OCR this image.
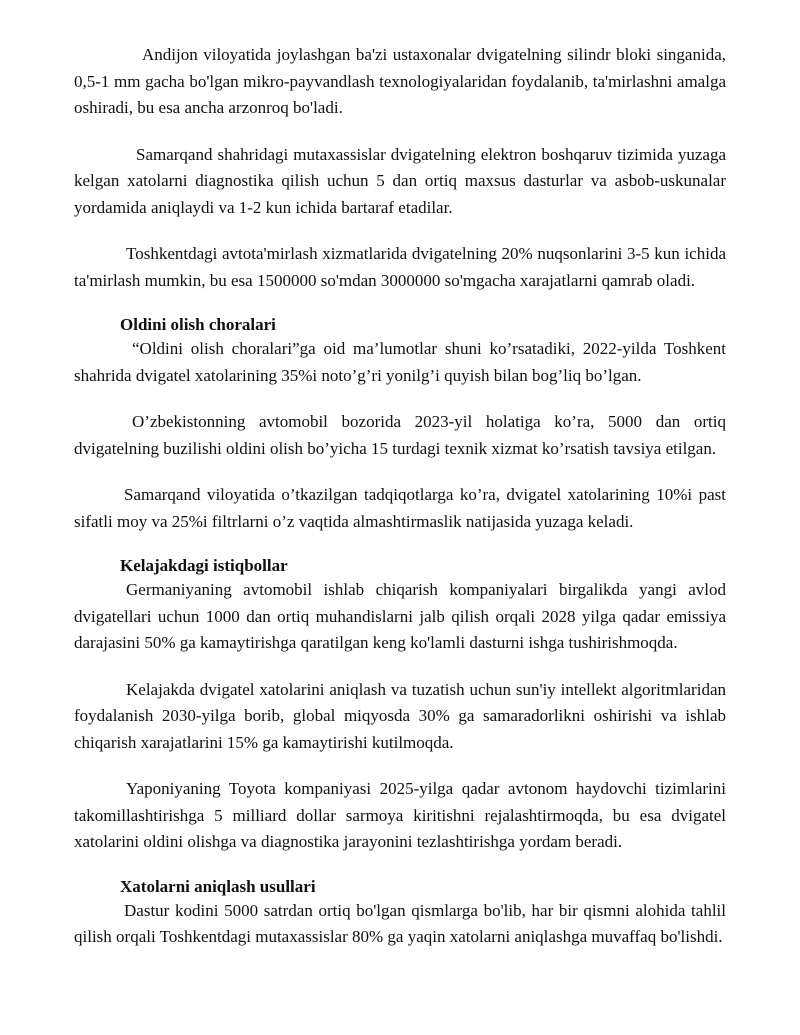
Andijon viloyatida joylashgan ba'zi ustaxonalar dvigatelning silindr bloki singanida, 0,5-1 mm gacha bo'lgan mikro-payvandlash texnologiyalaridan foydalanib, ta'mirlashni amalga oshiradi, bu esa ancha arzonroq bo'ladi.

Samarqand shahridagi mutaxassislar dvigatelning elektron boshqaruv tizimida yuzaga kelgan xatolarni diagnostika qilish uchun 5 dan ortiq maxsus dasturlar va asbob-uskunalar yordamida aniqlaydi va 1-2 kun ichida bartaraf etadilar.

Toshkentdagi avtota'mirlash xizmatlarida dvigatelning 20% nuqsonlarini 3-5 kun ichida ta'mirlash mumkin, bu esa 1500000 so'mdan 3000000 so'mgacha xarajatlarni qamrab oladi.

Oldini olish choralari

“Oldini olish choralari”ga oid ma’lumotlar shuni ko’rsatadiki, 2022-yilda Toshkent shahrida dvigatel xatolarining 35%i noto’g’ri yonilg’i quyish bilan bog’liq bo’lgan.

O’zbekistonning avtomobil bozorida 2023-yil holatiga ko’ra, 5000 dan ortiq dvigatelning buzilishi oldini olish bo’yicha 15 turdagi texnik xizmat ko’rsatish tavsiya etilgan.

Samarqand viloyatida o’tkazilgan tadqiqotlarga ko’ra, dvigatel xatolarining 10%i past sifatli moy va 25%i filtrlarni o’z vaqtida almashtirmaslik natijasida yuzaga keladi.

Kelajakdagi istiqbollar

Germaniyaning avtomobil ishlab chiqarish kompaniyalari birgalikda yangi avlod dvigatellari uchun 1000 dan ortiq muhandislarni jalb qilish orqali 2028 yilga qadar emissiya darajasini 50% ga kamaytirishga qaratilgan keng ko'lamli dasturni ishga tushirishmoqda.

Kelajakda dvigatel xatolarini aniqlash va tuzatish uchun sun'iy intellekt algoritmlaridan foydalanish 2030-yilga borib, global miqyosda 30% ga samaradorlikni oshirishi va ishlab chiqarish xarajatlarini 15% ga kamaytirishi kutilmoqda.

Yaponiyaning Toyota kompaniyasi 2025-yilga qadar avtonom haydovchi tizimlarini takomillashtirishga 5 milliard dollar sarmoya kiritishni rejalashtirmoqda, bu esa dvigatel xatolarini oldini olishga va diagnostika jarayonini tezlashtirishga yordam beradi.

Xatolarni aniqlash usullari

Dastur kodini 5000 satrdan ortiq bo'lgan qismlarga bo'lib, har bir qismni alohida tahlil qilish orqali Toshkentdagi mutaxassislar 80% ga yaqin xatolarni aniqlashga muvaffaq bo'lishdi.
